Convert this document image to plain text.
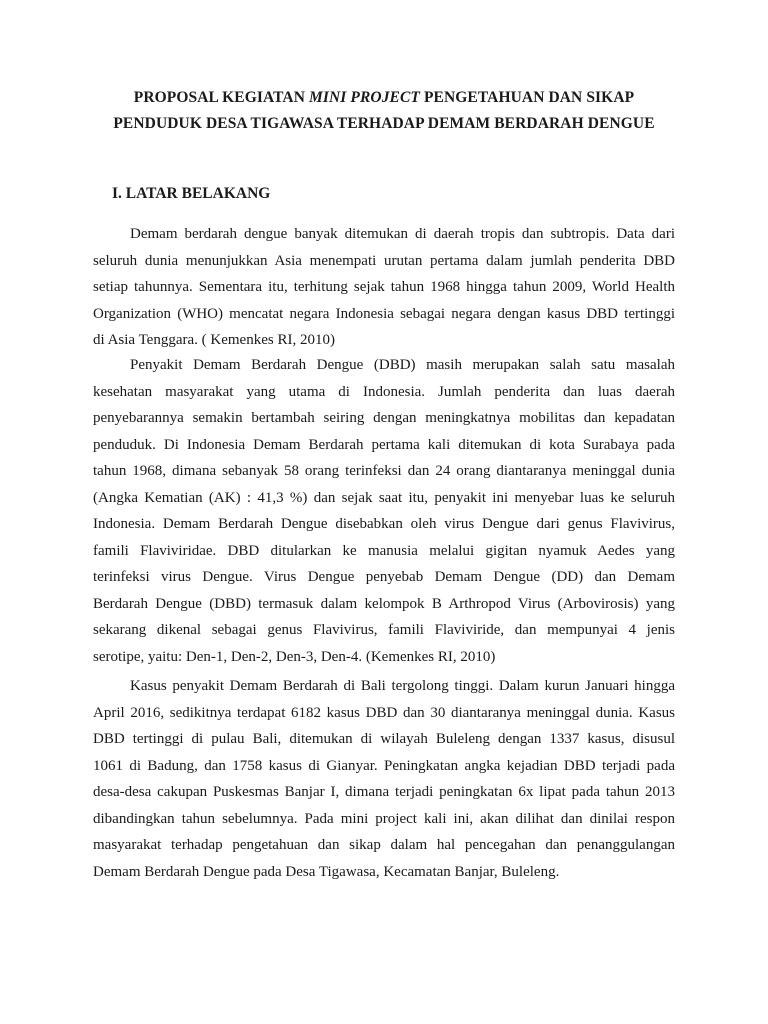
PROPOSAL KEGIATAN MINI PROJECT PENGETAHUAN DAN SIKAP
PENDUDUK DESA TIGAWASA TERHADAP DEMAM BERDARAH DENGUE
I. LATAR BELAKANG
Demam berdarah dengue banyak ditemukan di daerah tropis dan subtropis. Data dari
seluruh dunia menunjukkan Asia menempati urutan pertama dalam jumlah penderita DBD
setiap tahunnya. Sementara itu, terhitung sejak tahun 1968 hingga tahun 2009, World Health
Organization (WHO) mencatat negara Indonesia sebagai negara dengan kasus DBD tertinggi
di Asia Tenggara. ( Kemenkes RI, 2010)
Penyakit Demam Berdarah Dengue (DBD) masih merupakan salah satu masalah
kesehatan masyarakat yang utama di Indonesia. Jumlah penderita dan luas daerah
penyebarannya semakin bertambah seiring dengan meningkatnya mobilitas dan kepadatan
penduduk. Di Indonesia Demam Berdarah pertama kali ditemukan di kota Surabaya pada
tahun 1968, dimana sebanyak 58 orang terinfeksi dan 24 orang diantaranya meninggal dunia
(Angka Kematian (AK) : 41,3 %) dan sejak saat itu, penyakit ini menyebar luas ke seluruh
Indonesia. Demam Berdarah Dengue disebabkan oleh virus Dengue dari genus Flavivirus,
famili Flaviviridae. DBD ditularkan ke manusia melalui gigitan nyamuk Aedes yang
terinfeksi virus Dengue. Virus Dengue penyebab Demam Dengue (DD) dan Demam
Berdarah Dengue (DBD) termasuk dalam kelompok B Arthropod Virus (Arbovirosis) yang
sekarang dikenal sebagai genus Flavivirus, famili Flaviviride, dan mempunyai 4 jenis
serotipe, yaitu: Den-1, Den-2, Den-3, Den-4. (Kemenkes RI, 2010)
Kasus penyakit Demam Berdarah di Bali tergolong tinggi. Dalam kurun Januari hingga
April 2016, sedikitnya terdapat 6182 kasus DBD dan 30 diantaranya meninggal dunia. Kasus
DBD tertinggi di pulau Bali, ditemukan di wilayah Buleleng dengan 1337 kasus, disusul
1061 di Badung, dan 1758 kasus di Gianyar. Peningkatan angka kejadian DBD terjadi pada
desa-desa cakupan Puskesmas Banjar I, dimana terjadi peningkatan 6x lipat pada tahun 2013
dibandingkan tahun sebelumnya. Pada mini project kali ini, akan dilihat dan dinilai respon
masyarakat terhadap pengetahuan dan sikap dalam hal pencegahan dan penanggulangan
Demam Berdarah Dengue pada Desa Tigawasa, Kecamatan Banjar, Buleleng.
